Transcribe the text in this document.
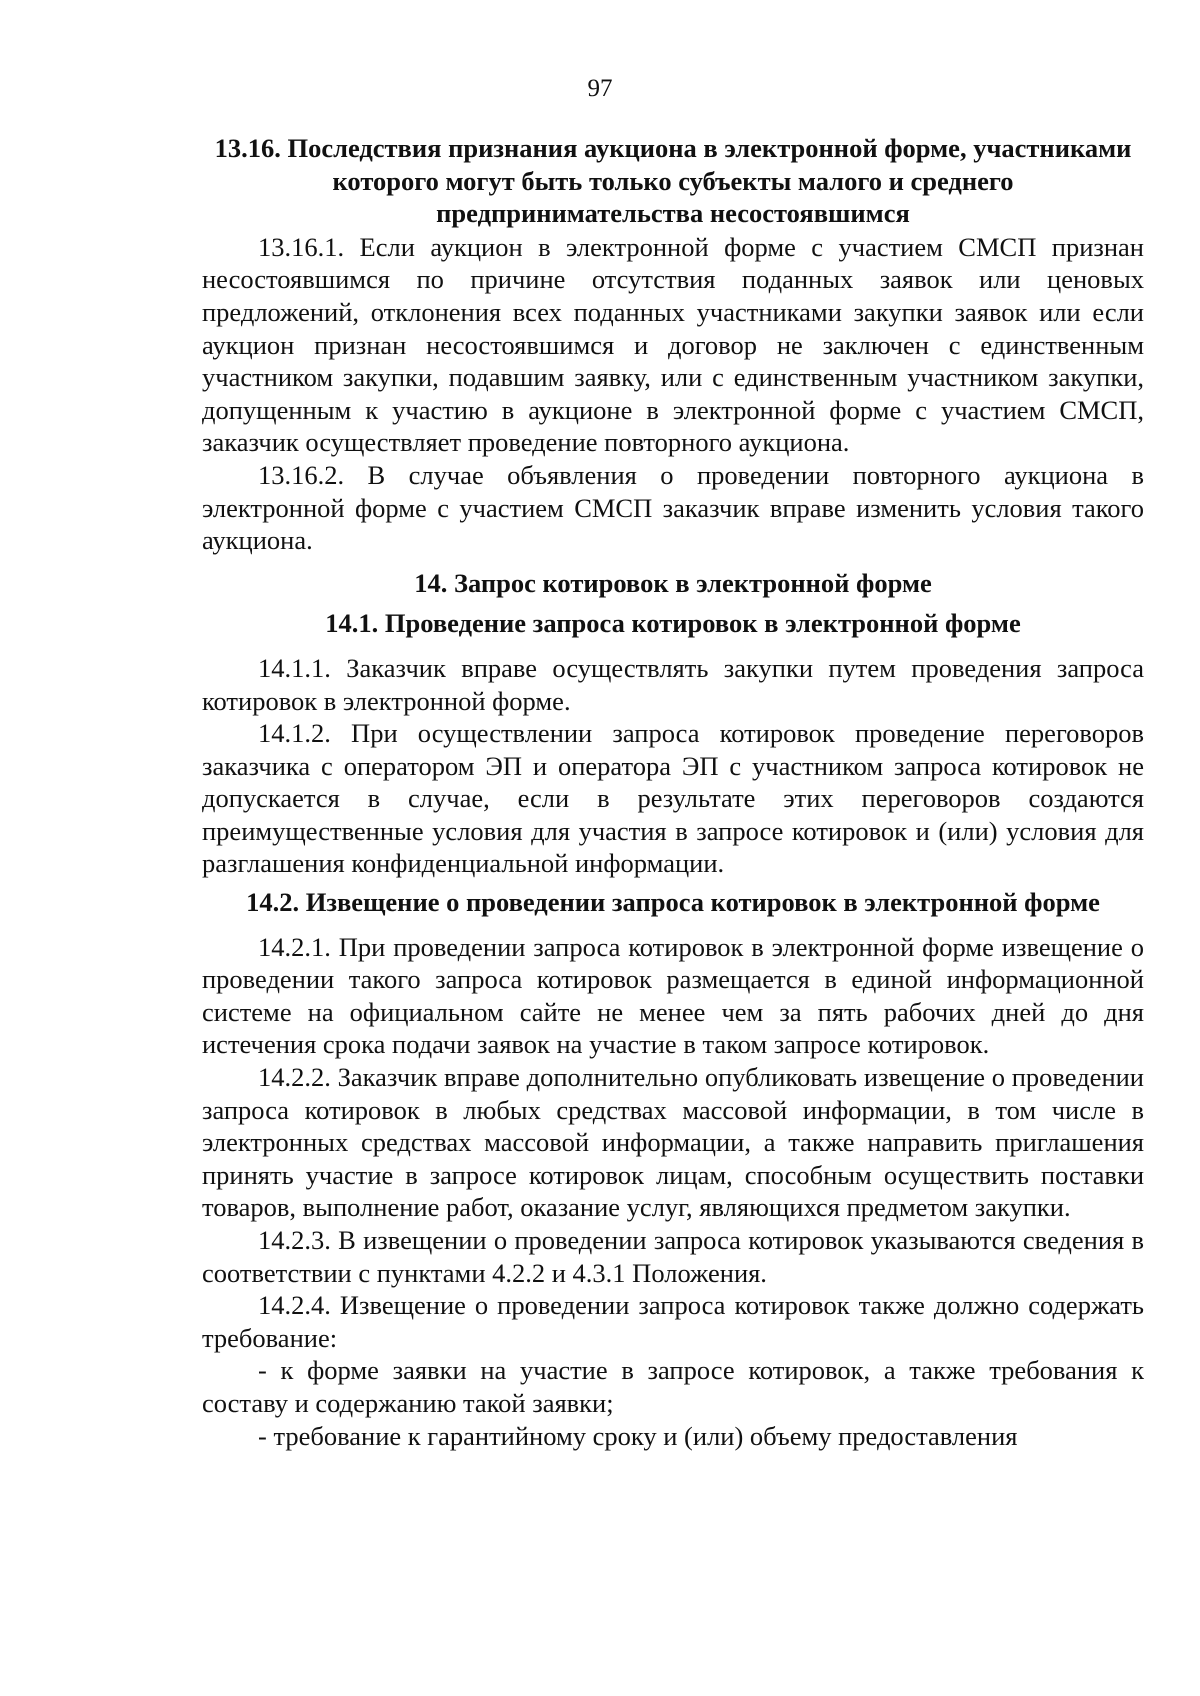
97

13.16. Последствия признания аукциона в электронной форме, участниками которого могут быть только субъекты малого и среднего предпринимательства несостоявшимся

13.16.1. Если аукцион в электронной форме с участием СМСП признан несостоявшимся по причине отсутствия поданных заявок или ценовых предложений, отклонения всех поданных участниками закупки заявок или если аукцион признан несостоявшимся и договор не заключен с единственным участником закупки, подавшим заявку, или с единственным участником закупки, допущенным к участию в аукционе в электронной форме с участием СМСП, заказчик осуществляет проведение повторного аукциона.

13.16.2. В случае объявления о проведении повторного аукциона в электронной форме с участием СМСП заказчик вправе изменить условия такого аукциона.

14. Запрос котировок в электронной форме

14.1. Проведение запроса котировок в электронной форме

14.1.1. Заказчик вправе осуществлять закупки путем проведения запроса котировок в электронной форме.

14.1.2. При осуществлении запроса котировок проведение переговоров заказчика с оператором ЭП и оператора ЭП с участником запроса котировок не допускается в случае, если в результате этих переговоров создаются преимущественные условия для участия в запросе котировок и (или) условия для разглашения конфиденциальной информации.

14.2. Извещение о проведении запроса котировок в электронной форме

14.2.1. При проведении запроса котировок в электронной форме извещение о проведении такого запроса котировок размещается в единой информационной системе на официальном сайте не менее чем за пять рабочих дней до дня истечения срока подачи заявок на участие в таком запросе котировок.

14.2.2. Заказчик вправе дополнительно опубликовать извещение о проведении запроса котировок в любых средствах массовой информации, в том числе в электронных средствах массовой информации, а также направить приглашения принять участие в запросе котировок лицам, способным осуществить поставки товаров, выполнение работ, оказание услуг, являющихся предметом закупки.

14.2.3. В извещении о проведении запроса котировок указываются сведения в соответствии с пунктами 4.2.2 и 4.3.1 Положения.

14.2.4. Извещение о проведении запроса котировок также должно содержать требование:

- к форме заявки на участие в запросе котировок, а также требования к составу и содержанию такой заявки;

- требование к гарантийному сроку и (или) объему предоставления
